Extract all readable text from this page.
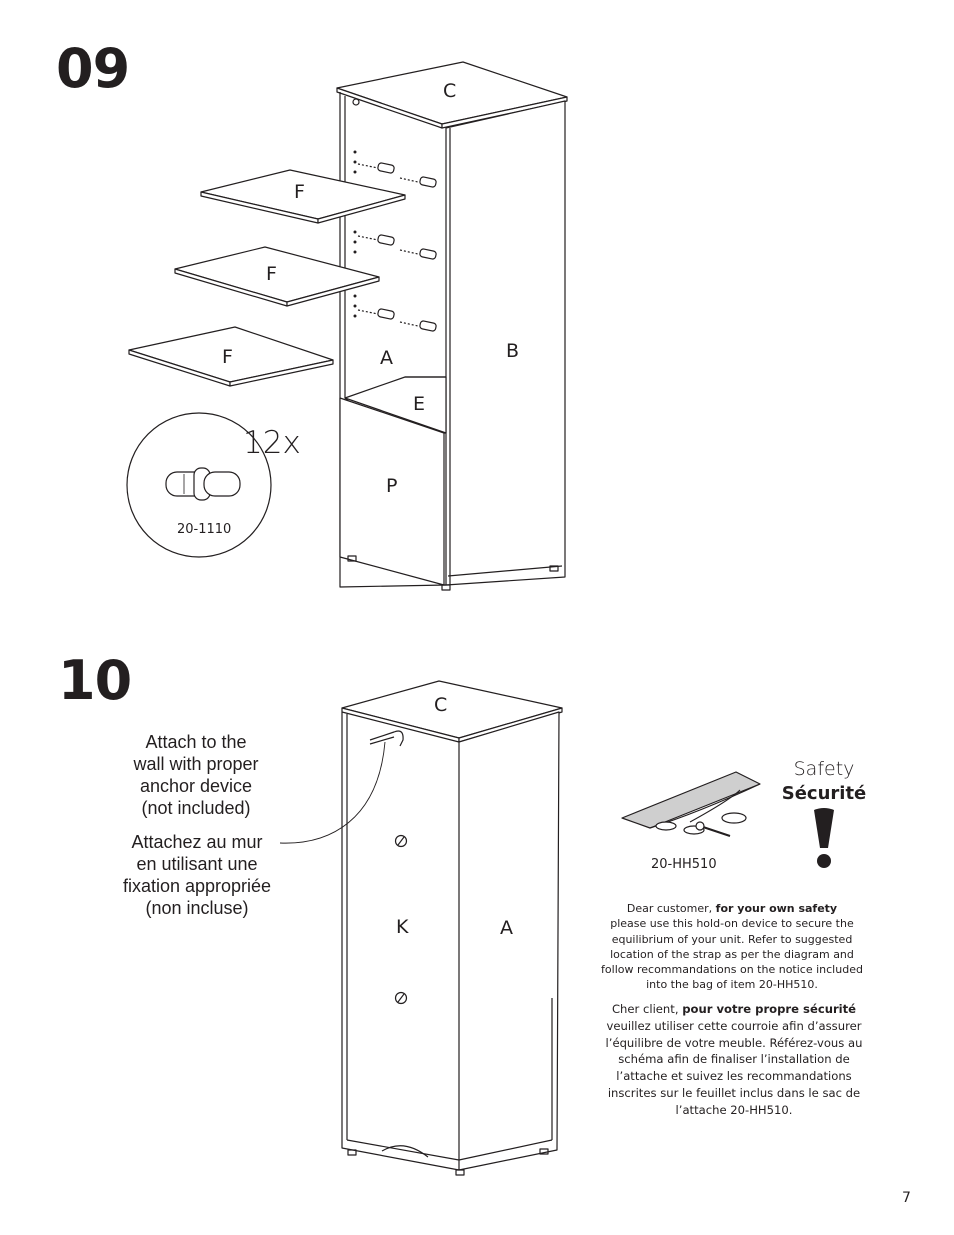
09
10
C
F
F
F	A	B
E
P
12x
20-1110
C
K	A
20-HH510
Attach to the
wall with proper
anchor device
(not included)
Attachez au mur
en utilisant une
fixation appropriée
(non incluse)
Safety
Sécurité
Dear customer, for your own safety
please use this hold-on device to secure the equilibrium of your unit. Refer to suggested location of the strap as per the diagram and follow recommandations on the notice included into the bag of item 20-HH510.
Cher client, pour votre propre sécurité veuillez utiliser cette courroie afin d’assurer l’équilibre de votre meuble. Référez-vous au schéma afin de finaliser l’installation de l’attache et suivez les recommandations inscrites sur le feuillet inclus dans le sac de l’attache 20-HH510.
7
